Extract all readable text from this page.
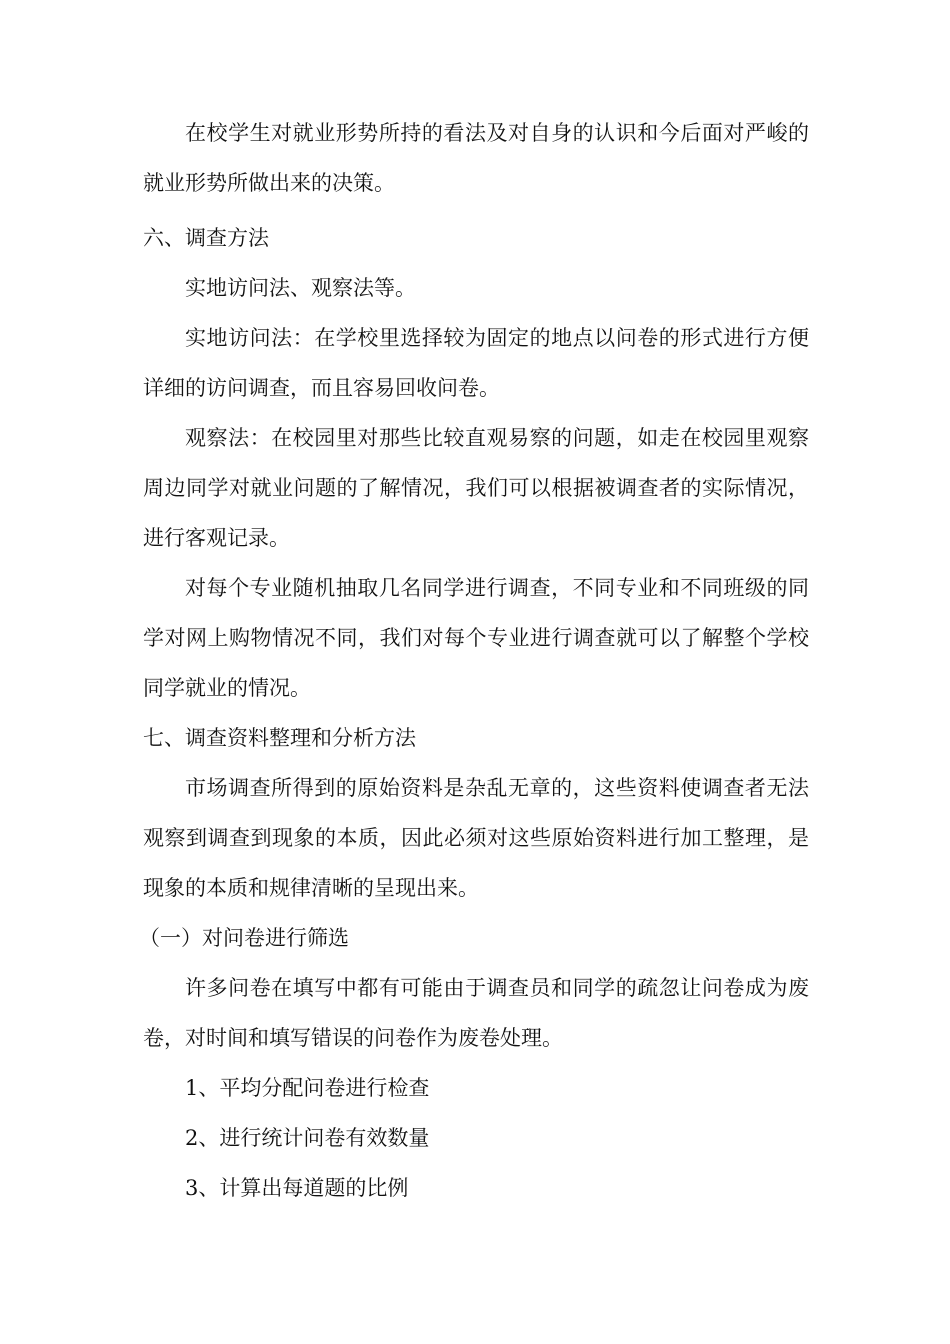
在校学生对就业形势所持的看法及对自身的认识和今后面对严峻的就业形势所做出来的决策。

六、调查方法

实地访问法、观察法等。

实地访问法：在学校里选择较为固定的地点以问卷的形式进行方便详细的访问调查，而且容易回收问卷。

观察法：在校园里对那些比较直观易察的问题，如走在校园里观察周边同学对就业问题的了解情况，我们可以根据被调查者的实际情况，进行客观记录。

对每个专业随机抽取几名同学进行调查，不同专业和不同班级的同学对网上购物情况不同，我们对每个专业进行调查就可以了解整个学校同学就业的情况。

七、调查资料整理和分析方法

市场调查所得到的原始资料是杂乱无章的，这些资料使调查者无法观察到调查到现象的本质，因此必须对这些原始资料进行加工整理，是现象的本质和规律清晰的呈现出来。

（一）对问卷进行筛选

许多问卷在填写中都有可能由于调查员和同学的疏忽让问卷成为废卷，对时间和填写错误的问卷作为废卷处理。

1、平均分配问卷进行检查

2、进行统计问卷有效数量

3、计算出每道题的比例
